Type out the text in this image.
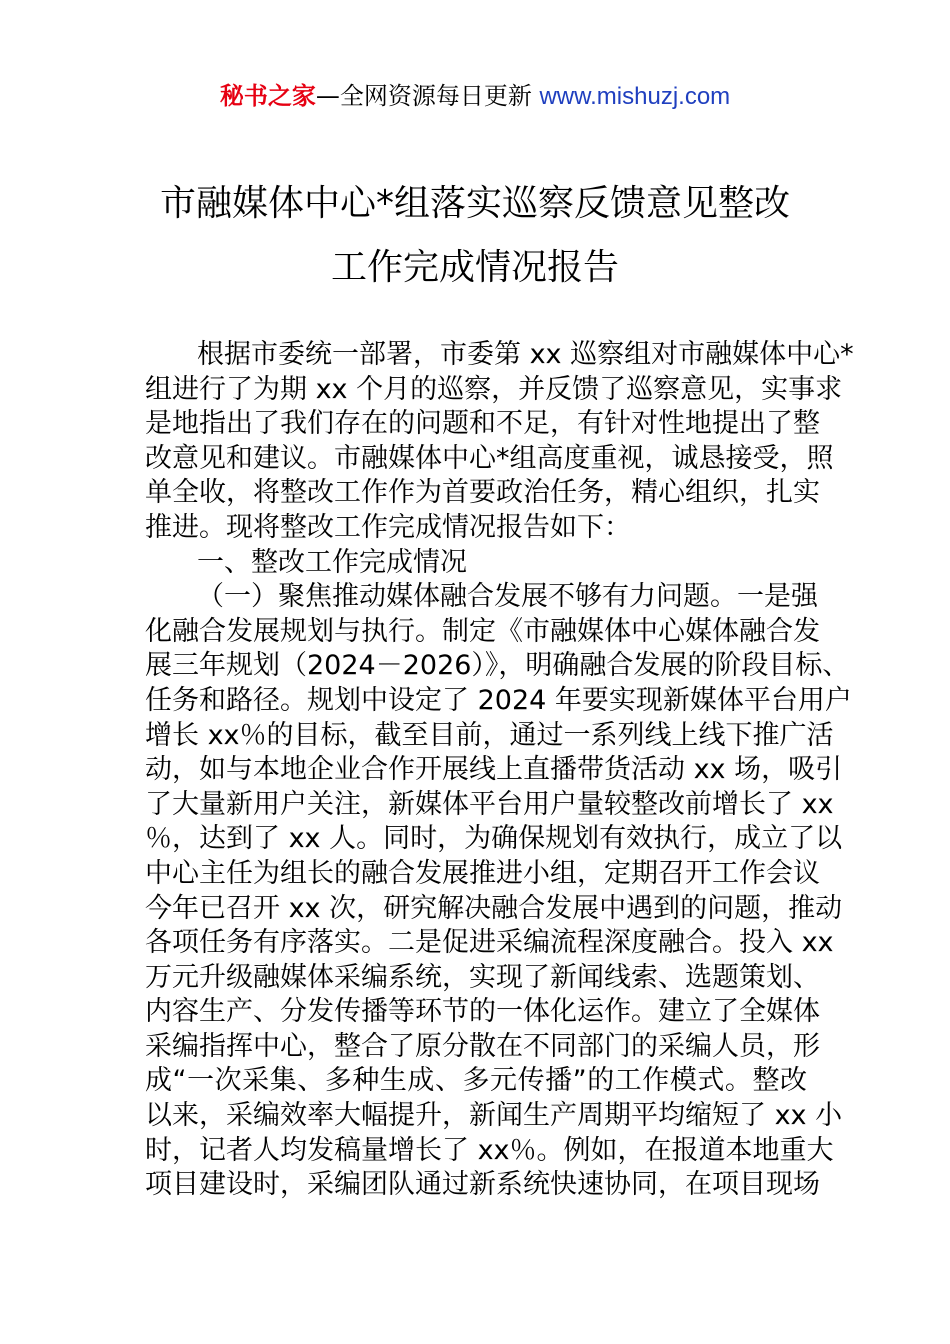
秘书之家—全网资源每日更新 www.mishuzj.com
市融媒体中心*组落实巡察反馈意见整改
工作完成情况报告
根据市委统一部署，市委第 xx 巡察组对市融媒体中心*
组进行了为期 xx 个月的巡察，并反馈了巡察意见，实事求
是地指出了我们存在的问题和不足，有针对性地提出了整
改意见和建议。市融媒体中心*组高度重视，诚恳接受，照
单全收，将整改工作作为首要政治任务，精心组织，扎实
推进。现将整改工作完成情况报告如下：
一、整改工作完成情况
（一）聚焦推动媒体融合发展不够有力问题。一是强
化融合发展规划与执行。制定《市融媒体中心媒体融合发
展三年规划（2024－2026）》，明确融合发展的阶段目标、
任务和路径。规划中设定了 2024 年要实现新媒体平台用户
增长 xx％的目标，截至目前，通过一系列线上线下推广活
动，如与本地企业合作开展线上直播带货活动 xx 场，吸引
了大量新用户关注，新媒体平台用户量较整改前增长了 xx
％，达到了 xx 人。同时，为确保规划有效执行，成立了以
中心主任为组长的融合发展推进小组，定期召开工作会议
今年已召开 xx 次，研究解决融合发展中遇到的问题，推动
各项任务有序落实。二是促进采编流程深度融合。投入 xx
万元升级融媒体采编系统，实现了新闻线索、选题策划、
内容生产、分发传播等环节的一体化运作。建立了全媒体
采编指挥中心，整合了原分散在不同部门的采编人员，形
成“一次采集、多种生成、多元传播”的工作模式。整改
以来，采编效率大幅提升，新闻生产周期平均缩短了 xx 小
时，记者人均发稿量增长了 xx％。例如，在报道本地重大
项目建设时，采编团队通过新系统快速协同，在项目现场
